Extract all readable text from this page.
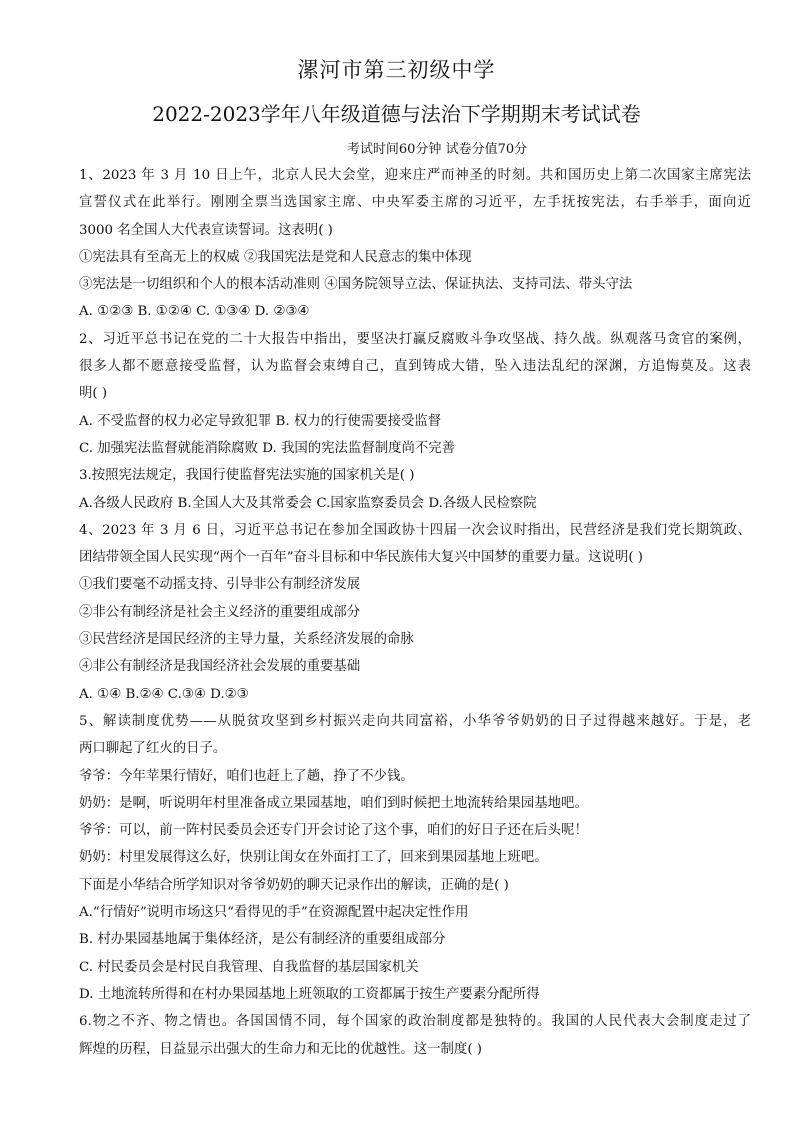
漯河市第三初级中学
2022-2023学年八年级道德与法治下学期期末考试试卷
考试时间60分钟 试卷分值70分
1、2023 年 3 月 10 日上午，北京人民大会堂，迎来庄严而神圣的时刻。共和国历史上第二次国家主席宪法
宣誓仪式在此举行。刚刚全票当选国家主席、中央军委主席的习近平，左手抚按宪法，右手举手，面向近
3000 名全国人大代表宣读誓词。这表明( )
①宪法具有至高无上的权威 ②我国宪法是党和人民意志的集中体现
③宪法是一切组织和个人的根本活动准则 ④国务院领导立法、保证执法、支持司法、带头守法
A. ①②③ B. ①②④ C. ①③④ D. ②③④
2、习近平总书记在党的二十大报告中指出，要坚决打赢反腐败斗争攻坚战、持久战。纵观落马贪官的案例，
很多人都不愿意接受监督，认为监督会束缚自己，直到铸成大错，坠入违法乱纪的深渊，方追悔莫及。这表
明( )
A. 不受监督的权力必定导致犯罪 B. 权力的行使需要接受监督
C. 加强宪法监督就能消除腐败 D. 我国的宪法监督制度尚不完善
3.按照宪法规定，我国行使监督宪法实施的国家机关是( )
A.各级人民政府 B.全国人大及其常委会 C.国家监察委员会 D.各级人民检察院
4、2023 年 3 月 6 日，习近平总书记在参加全国政协十四届一次会议时指出，民营经济是我们党长期筑政、
团结带领全国人民实现“两个一百年”奋斗目标和中华民族伟大复兴中国梦的重要力量。这说明( )
①我们要毫不动摇支持、引导非公有制经济发展
②非公有制经济是社会主义经济的重要组成部分
③民营经济是国民经济的主导力量，关系经济发展的命脉
④非公有制经济是我国经济社会发展的重要基础
A. ①④ B.②④ C.③④ D.②③
5、解读制度优势——从脱贫攻坚到乡村振兴走向共同富裕，小华爷爷奶奶的日子过得越来越好。于是，老
两口聊起了红火的日子。
爷爷：今年苹果行情好，咱们也赶上了趟，挣了不少钱。
奶奶：是啊，听说明年村里准备成立果园基地，咱们到时候把土地流转给果园基地吧。
爷爷：可以，前一阵村民委员会还专门开会讨论了这个事，咱们的好日子还在后头呢！
奶奶：村里发展得这么好，快别让闺女在外面打工了，回来到果园基地上班吧。
下面是小华结合所学知识对爷爷奶奶的聊天记录作出的解读，正确的是( )
A.“行情好”说明市场这只“看得见的手”在资源配置中起决定性作用
B. 村办果园基地属于集体经济，是公有制经济的重要组成部分
C. 村民委员会是村民自我管理、自我监督的基层国家机关
D. 土地流转所得和在村办果园基地上班领取的工资都属于按生产要素分配所得
6.物之不齐、物之情也。各国国情不同，每个国家的政治制度都是独特的。我国的人民代表大会制度走过了
辉煌的历程，日益显示出强大的生命力和无比的优越性。这一制度( )
